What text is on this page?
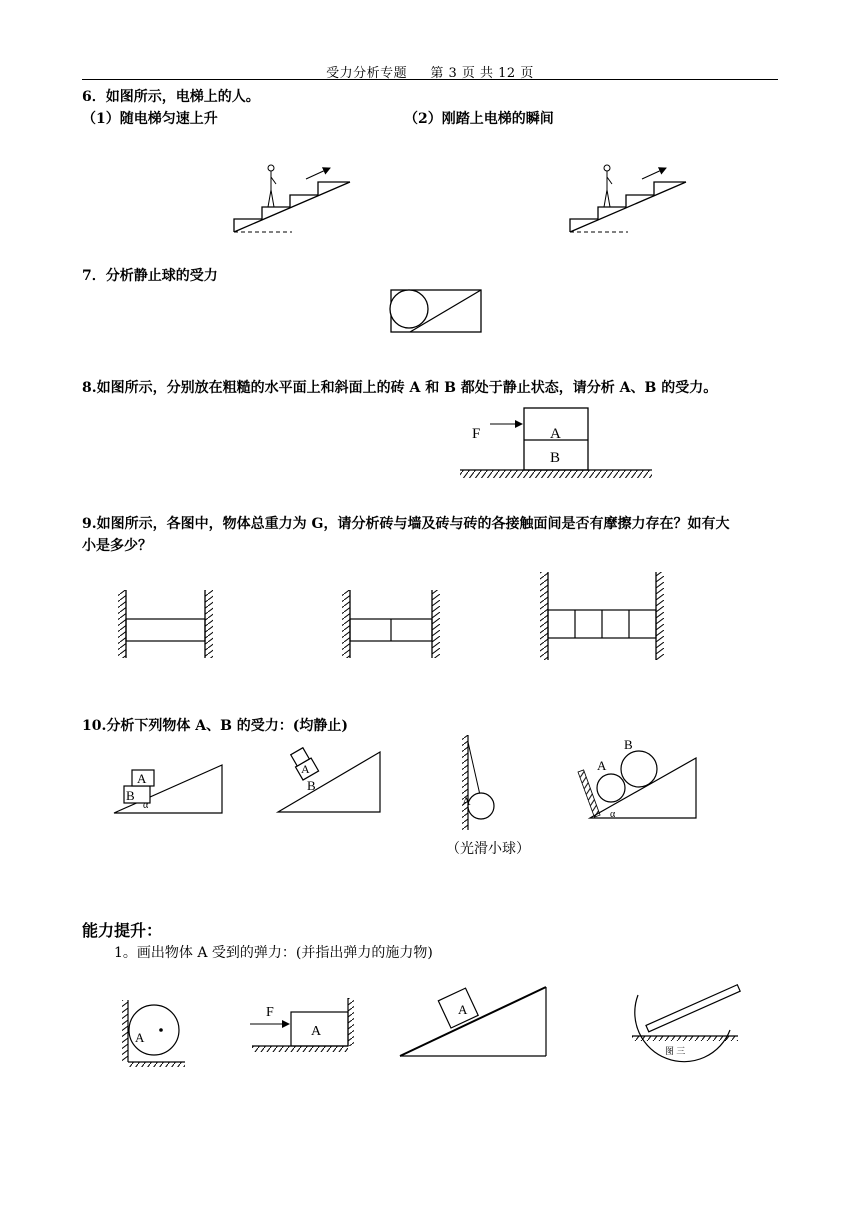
受力分析专题 第 3 页 共 12 页
6．如图所示，电梯上的人。
（1）随电梯匀速上升	（2）刚踏上电梯的瞬间
F	A
B
B
A
α
B
A
A
A
B
α
A
F
A
A
图 三
7．分析静止球的受力
8.如图所示，分别放在粗糙的水平面上和斜面上的砖 A 和 B 都处于静止状态，请分析 A、B 的受力。
9.如图所示，各图中，物体总重力为 G，请分析砖与墙及砖与砖的各接触面间是否有摩擦力存在？如有大
小是多少？
10.分析下列物体 A、B 的受力：(均静止)
（光滑小球）
能力提升：
1。画出物体 A 受到的弹力：(并指出弹力的施力物)
